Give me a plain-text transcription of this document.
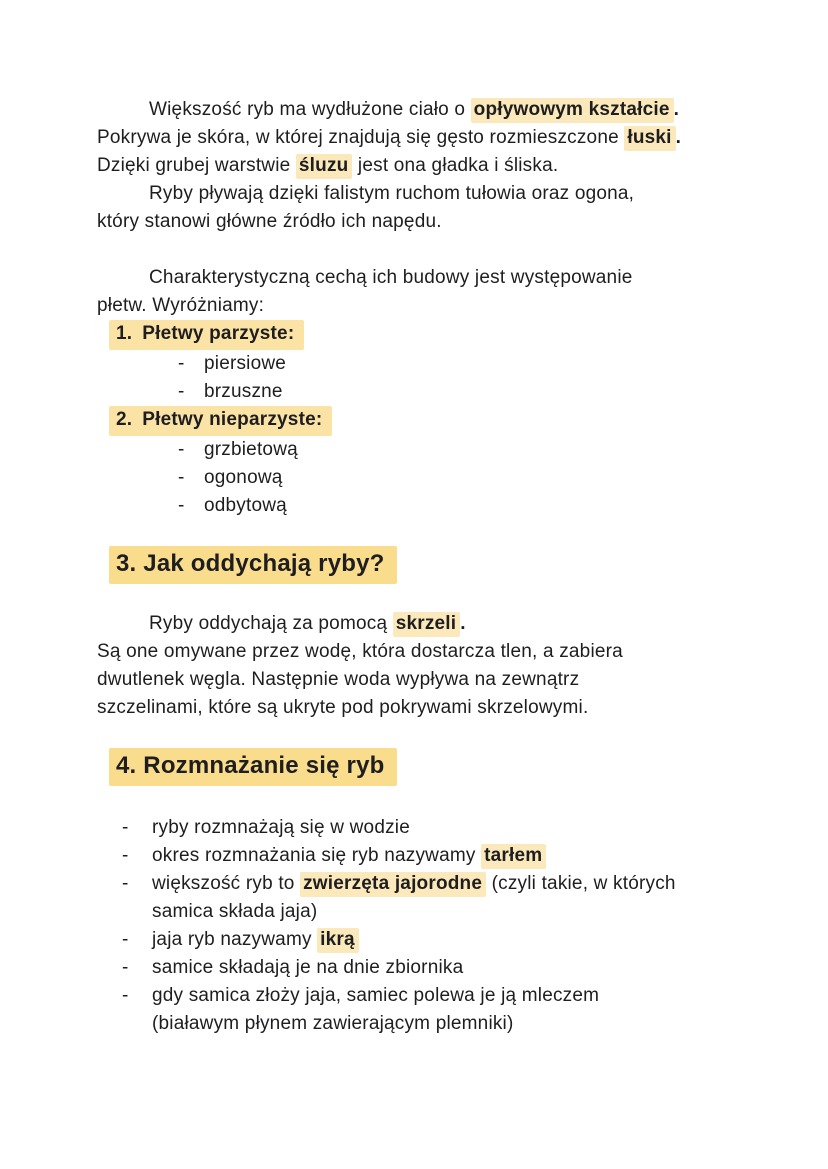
Większość ryb ma wydłużone ciało o opływowym kształcie .
Pokrywa je skóra, w której znajdują się gęsto rozmieszczone łuski .
Dzięki grubej warstwie śluzu jest ona gładka i śliska.

Ryby pływają dzięki falistym ruchom tułowia oraz ogona,
który stanowi główne źródło ich napędu.

Charakterystyczną cechą ich budowy jest występowanie
płetw. Wyróżniamy:

1. Płetwy parzyste:
-	piersiowe
-	brzuszne
2. Płetwy nieparzyste:
-	grzbietową
-	ogonową
-	odbytową
3. Jak oddychają ryby?

Ryby oddychają za pomocą skrzeli .
Są one omywane przez wodę, która dostarcza tlen, a zabiera
dwutlenek węgla. Następnie woda wypływa na zewnątrz
szczelinami, które są ukryte pod pokrywami skrzelowymi.

4. Rozmnażanie się ryb
-	ryby rozmnażają się w wodzie
-	okres rozmnażania się ryb nazywamy tarłem
-	większość ryb to zwierzęta jajorodne (czyli takie, w których
samica składa jaja)
-	jaja ryb nazywamy ikrą
-	samice składają je na dnie zbiornika
-	gdy samica złoży jaja, samiec polewa je ją mleczem
(białawym płynem zawierającym plemniki)
